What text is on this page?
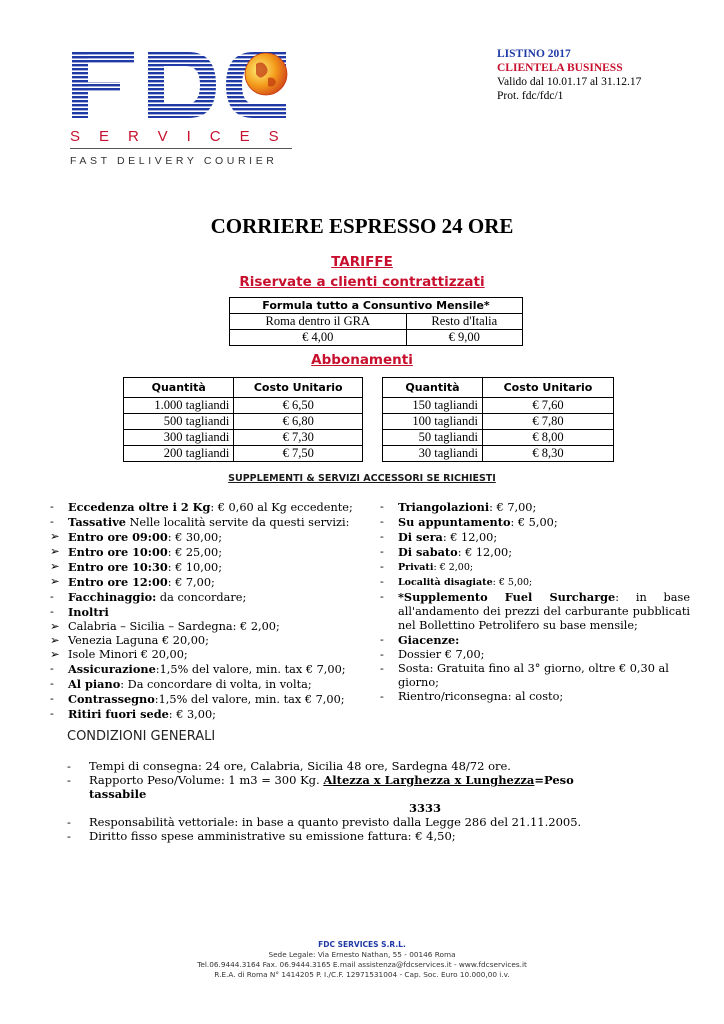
SERVICES
FAST DELIVERY COURIER
LISTINO 2017
CLIENTELA BUSINESS
Valido dal 10.01.17 al 31.12.17
Prot. fdc/fdc/1
CORRIERE ESPRESSO 24 ORE
TARIFFE
Riservate a clienti contrattizzati
Formula tutto a Consuntivo Mensile*	
Roma dentro il GRA	Resto d'Italia
€ 4,00	€ 9,00
Abbonamenti
Quantità	Costo Unitario
1.000 tagliandi	€ 6,50
500 tagliandi	€ 6,80
300 tagliandi	€ 7,30
200 tagliandi	€ 7,50
Quantità	Costo Unitario
150 tagliandi	€ 7,60
100 tagliandi	€ 7,80
50 tagliandi	€ 8,00
30 tagliandi	€ 8,30
SUPPLEMENTI & SERVIZI ACCESSORI SE RICHIESTI
- Eccedenza oltre i 2 Kg: € 0,60 al Kg eccedente;
- Tassative Nelle località servite da questi servizi:
➢ Entro ore 09:00: € 30,00;
➢ Entro ore 10:00: € 25,00;
➢ Entro ore 10:30: € 10,00;
➢ Entro ore 12:00: € 7,00;
- Facchinaggio: da concordare;
- Inoltri
➢ Calabria – Sicilia – Sardegna: € 2,00;
➢ Venezia Laguna € 20,00;
➢ Isole Minori € 20,00;
- Assicurazione:1,5% del valore, min. tax € 7,00;
- Al piano: Da concordare di volta, in volta;
- Contrassegno:1,5% del valore, min. tax € 7,00;
- Ritiri fuori sede: € 3,00;
- Triangolazioni: € 7,00;
- Su appuntamento: € 5,00;
- Di sera: € 12,00;
- Di sabato: € 12,00;
- Privati: € 2,00;
- Località disagiate: € 5,00;
- *Supplemento Fuel Surcharge: in base all'andamento dei prezzi del carburante pubblicati nel Bollettino Petrolifero su base mensile;
- Giacenze:
- Dossier € 7,00;
- Sosta: Gratuita fino al 3° giorno, oltre € 0,30 al giorno;
- Rientro/riconsegna: al costo;
CONDIZIONI GENERALI
- Tempi di consegna: 24 ore, Calabria, Sicilia 48 ore, Sardegna 48/72 ore.
- Rapporto Peso/Volume: 1 m3 = 300 Kg. Altezza x Larghezza x Lunghezza=Peso tassabile
3333
- Responsabilità vettoriale: in base a quanto previsto dalla Legge 286 del 21.11.2005.
- Diritto fisso spese amministrative su emissione fattura: € 4,50;
FDC SERVICES S.R.L.
Sede Legale: Via Ernesto Nathan, 55 - 00146 Roma
Tel.06.9444.3164 Fax. 06.9444.3165 E.mail assistenza@fdcservices.it - www.fdcservices.it
R.E.A. di Roma N° 1414205 P. I./C.F. 12971531004 - Cap. Soc. Euro 10.000,00 i.v.
